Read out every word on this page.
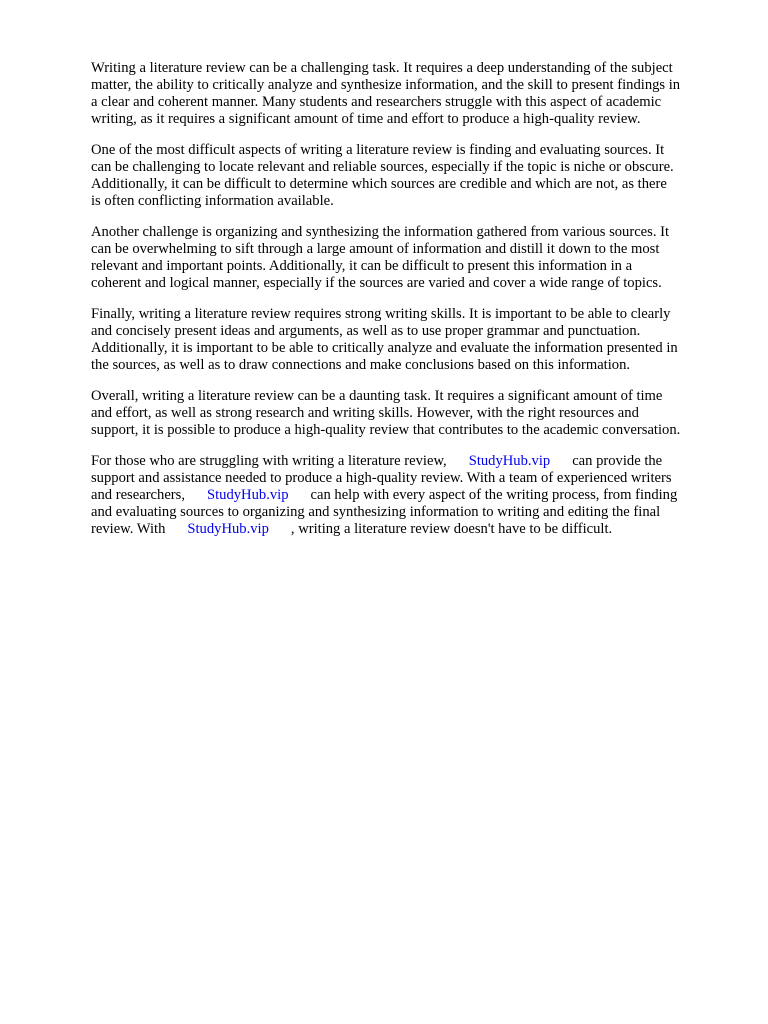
Writing a literature review can be a challenging task. It requires a deep understanding of the subject
matter, the ability to critically analyze and synthesize information, and the skill to present findings in
a clear and coherent manner. Many students and researchers struggle with this aspect of academic
writing, as it requires a significant amount of time and effort to produce a high-quality review.

One of the most difficult aspects of writing a literature review is finding and evaluating sources. It
can be challenging to locate relevant and reliable sources, especially if the topic is niche or obscure.
Additionally, it can be difficult to determine which sources are credible and which are not, as there
is often conflicting information available.

Another challenge is organizing and synthesizing the information gathered from various sources. It
can be overwhelming to sift through a large amount of information and distill it down to the most
relevant and important points. Additionally, it can be difficult to present this information in a
coherent and logical manner, especially if the sources are varied and cover a wide range of topics.

Finally, writing a literature review requires strong writing skills. It is important to be able to clearly
and concisely present ideas and arguments, as well as to use proper grammar and punctuation.
Additionally, it is important to be able to critically analyze and evaluate the information presented in
the sources, as well as to draw connections and make conclusions based on this information.

Overall, writing a literature review can be a daunting task. It requires a significant amount of time
and effort, as well as strong research and writing skills. However, with the right resources and
support, it is possible to produce a high-quality review that contributes to the academic conversation.

For those who are struggling with writing a literature review, StudyHub.vip can provide the
support and assistance needed to produce a high-quality review. With a team of experienced writers
and researchers, StudyHub.vip can help with every aspect of the writing process, from finding
and evaluating sources to organizing and synthesizing information to writing and editing the final
review. With StudyHub.vip , writing a literature review doesn't have to be difficult.
